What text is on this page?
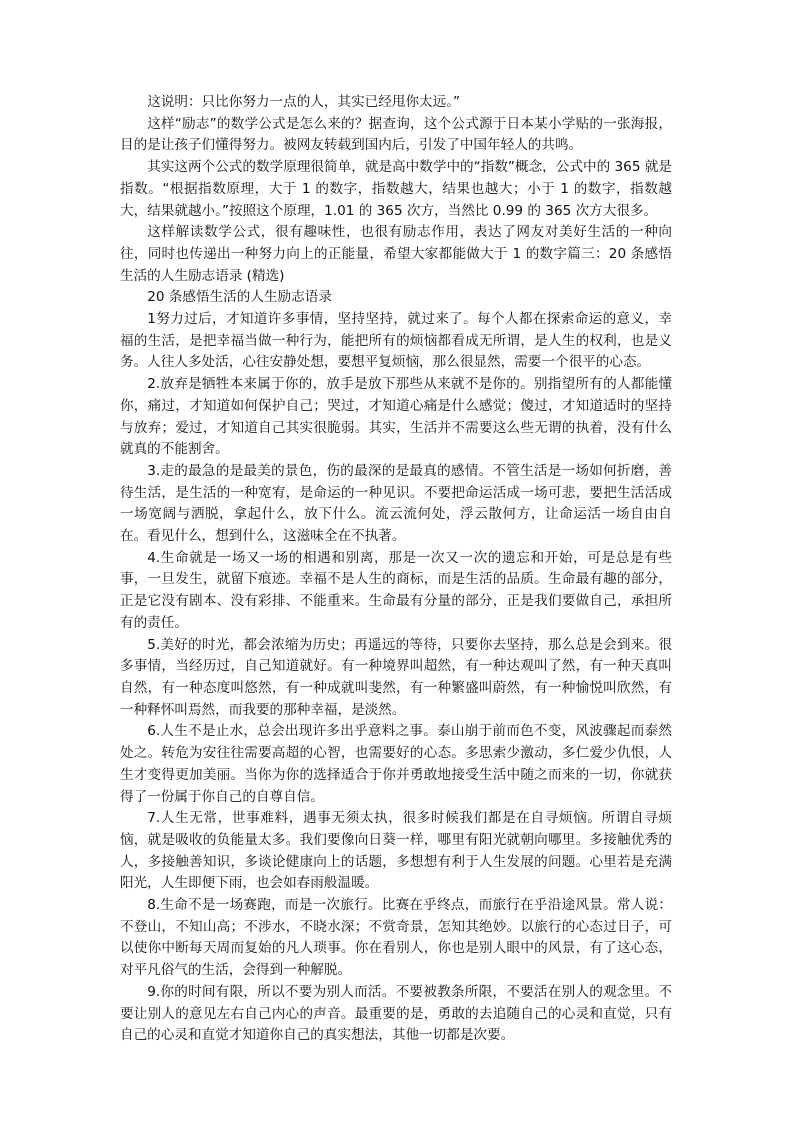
这说明：只比你努力一点的人，其实已经甩你太远。”

这样“励志”的数学公式是怎么来的？据查询，这个公式源于日本某小学贴的一张海报，目的是让孩子们懂得努力。被网友转载到国内后，引发了中国年轻人的共鸣。

其实这两个公式的数学原理很简单，就是高中数学中的“指数”概念，公式中的 365 就是指数。“根据指数原理，大于 1 的数字，指数越大，结果也越大；小于 1 的数字，指数越大，结果就越小。”按照这个原理，1.01 的 365 次方，当然比 0.99 的 365 次方大很多。

这样解读数学公式，很有趣味性，也很有励志作用，表达了网友对美好生活的一种向往，同时也传递出一种努力向上的正能量，希望大家都能做大于 1 的数字篇三：20 条感悟生活的人生励志语录 (精选)

20 条感悟生活的人生励志语录

1努力过后，才知道许多事情，坚持坚持，就过来了。每个人都在探索命运的意义，幸福的生活，是把幸福当做一种行为，能把所有的烦恼都看成无所谓，是人生的权利，也是义务。人往人多处活，心往安静处想，要想平复烦恼，那么很显然，需要一个很平的心态。

2.放弃是牺牲本来属于你的，放手是放下那些从来就不是你的。别指望所有的人都能懂你，痛过，才知道如何保护自己；哭过，才知道心痛是什么感觉；傻过，才知道适时的坚持与放弃；爱过，才知道自己其实很脆弱。其实，生活并不需要这么些无谓的执着，没有什么就真的不能割舍。

3.走的最急的是最美的景色，伤的最深的是最真的感情。不管生活是一场如何折磨，善待生活，是生活的一种宽宥，是命运的一种见识。不要把命运活成一场可悲，要把生活活成一场宽阔与洒脱，拿起什么，放下什么。流云流何处，浮云散何方，让命运活一场自由自在。看见什么，想到什么，这滋味全在不执著。

4.生命就是一场又一场的相遇和别离，那是一次又一次的遗忘和开始，可是总是有些事，一旦发生，就留下痕迹。幸福不是人生的商标，而是生活的品质。生命最有趣的部分，正是它没有剧本、没有彩排、不能重来。生命最有分量的部分，正是我们要做自己，承担所有的责任。

5.美好的时光，都会浓缩为历史；再遥远的等待，只要你去坚持，那么总是会到来。很多事情，当经历过，自己知道就好。有一种境界叫超然，有一种达观叫了然，有一种天真叫自然，有一种态度叫悠然，有一种成就叫斐然，有一种繁盛叫蔚然，有一种愉悦叫欣然，有一种释怀叫焉然，而我要的那种幸福，是淡然。

6.人生不是止水，总会出现许多出乎意料之事。泰山崩于前而色不变，风波骤起而泰然处之。转危为安往往需要高超的心智，也需要好的心态。多思索少激动，多仁爱少仇恨，人生才变得更加美丽。当你为你的选择适合于你并勇敢地接受生活中随之而来的一切，你就获得了一份属于你自己的自尊自信。

7.人生无常，世事难料，遇事无须太执，很多时候我们都是在自寻烦恼。所谓自寻烦恼，就是吸收的负能量太多。我们要像向日葵一样，哪里有阳光就朝向哪里。多接触优秀的人，多接触善知识，多谈论健康向上的话题，多想想有利于人生发展的问题。心里若是充满阳光，人生即便下雨，也会如春雨般温暖。

8.生命不是一场赛跑，而是一次旅行。比赛在乎终点，而旅行在乎沿途风景。常人说：不登山，不知山高；不涉水，不晓水深；不赏奇景，怎知其绝妙。以旅行的心态过日子，可以使你中断每天周而复始的凡人琐事。你在看别人，你也是别人眼中的风景，有了这心态，对平凡俗气的生活，会得到一种解脱。

9.你的时间有限，所以不要为别人而活。不要被教条所限，不要活在别人的观念里。不要让别人的意见左右自己内心的声音。最重要的是，勇敢的去追随自己的心灵和直觉，只有自己的心灵和直觉才知道你自己的真实想法，其他一切都是次要。
